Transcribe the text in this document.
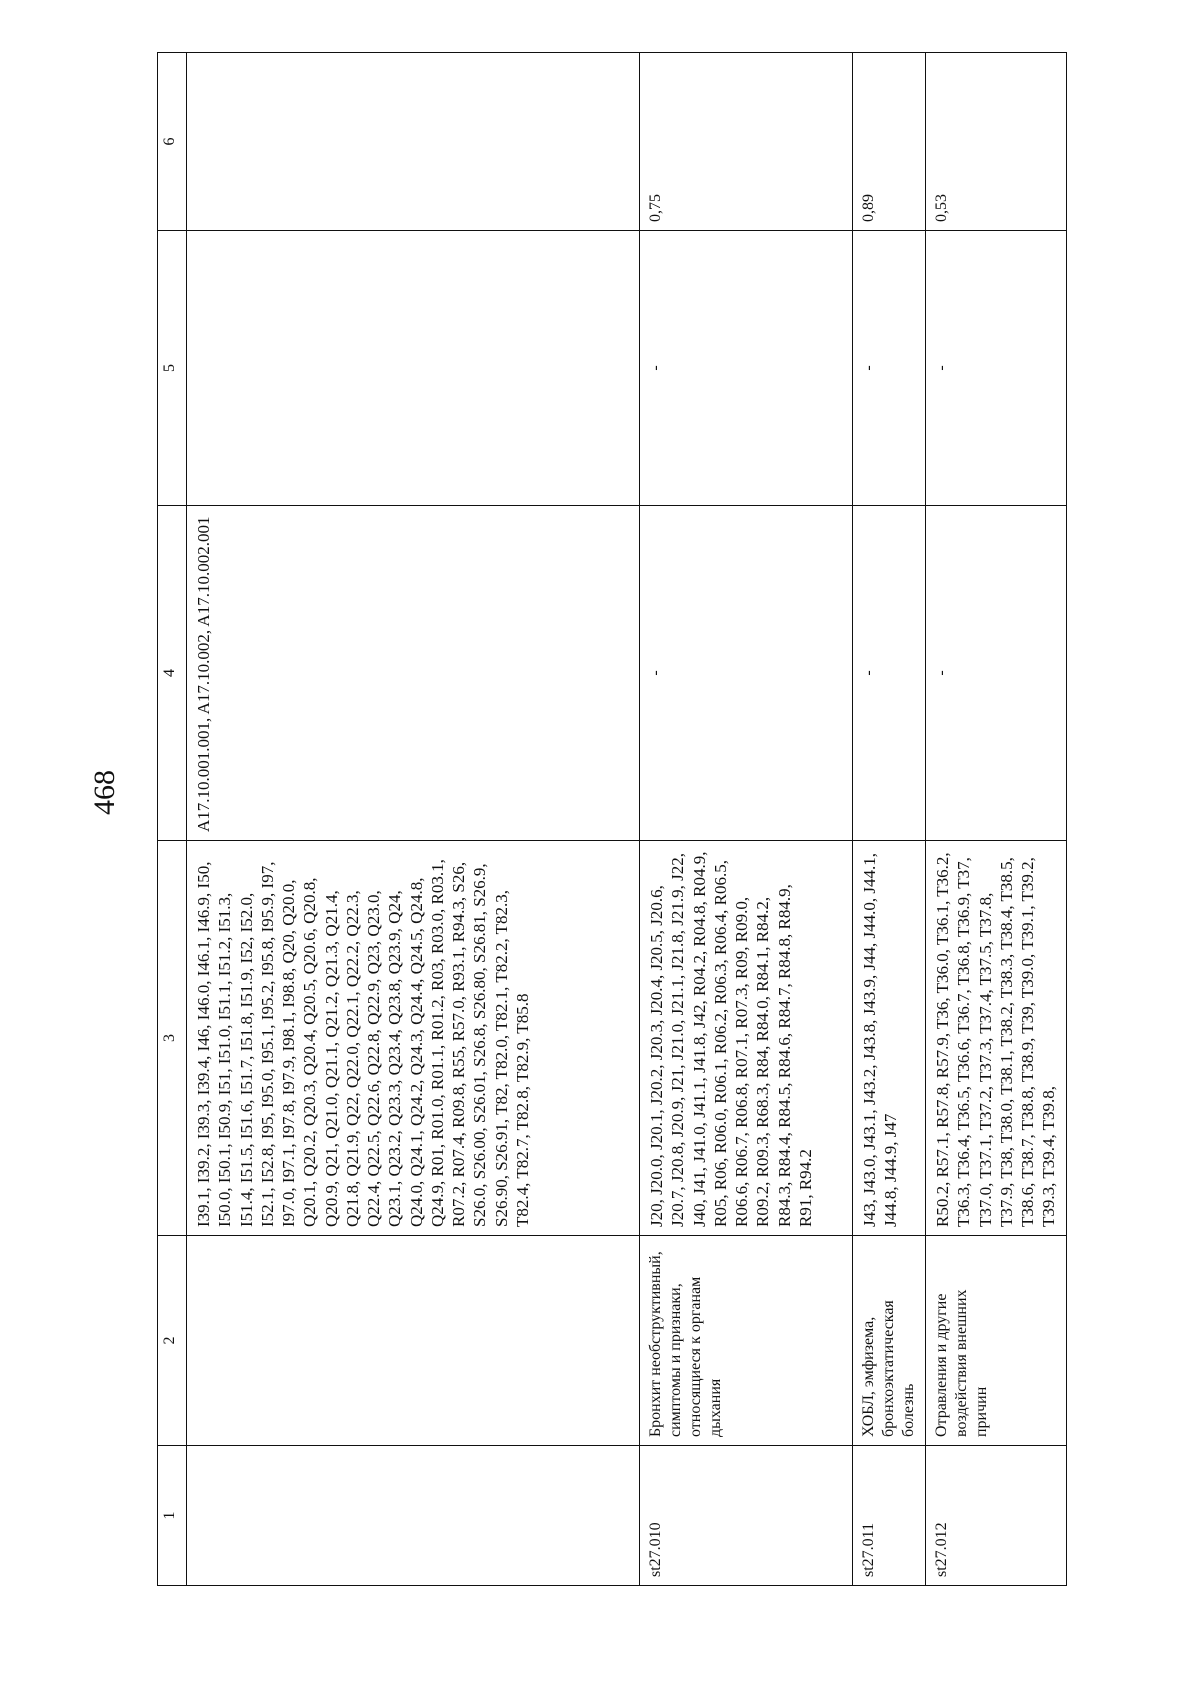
468
1	2	3	4	5	6
		I39.1, I39.2, I39.3, I39.4, I46, I46.0, I46.1, I46.9, I50, I50.0, I50.1, I50.9, I51, I51.0, I51.1, I51.2, I51.3, I51.4, I51.5, I51.6, I51.7, I51.8, I51.9, I52, I52.0, I52.1, I52.8, I95, I95.0, I95.1, I95.2, I95.8, I95.9, I97, I97.0, I97.1, I97.8, I97.9, I98.1, I98.8, Q20, Q20.0, Q20.1, Q20.2, Q20.3, Q20.4, Q20.5, Q20.6, Q20.8, Q20.9, Q21, Q21.0, Q21.1, Q21.2, Q21.3, Q21.4, Q21.8, Q21.9, Q22, Q22.0, Q22.1, Q22.2, Q22.3, Q22.4, Q22.5, Q22.6, Q22.8, Q22.9, Q23, Q23.0, Q23.1, Q23.2, Q23.3, Q23.4, Q23.8, Q23.9, Q24, Q24.0, Q24.1, Q24.2, Q24.3, Q24.4, Q24.5, Q24.8, Q24.9, R01, R01.0, R01.1, R01.2, R03, R03.0, R03.1, R07.2, R07.4, R09.8, R55, R57.0, R93.1, R94.3, S26, S26.0, S26.00, S26.01, S26.8, S26.80, S26.81, S26.9, S26.90, S26.91, T82, T82.0, T82.1, T82.2, T82.3, T82.4, T82.7, T82.8, T82.9, T85.8	A17.10.001.001, A17.10.002, A17.10.002.001		
st27.010	Бронхит необструктивный, симптомы и признаки, относящиеся к органам дыхания	J20, J20.0, J20.1, J20.2, J20.3, J20.4, J20.5, J20.6, J20.7, J20.8, J20.9, J21, J21.0, J21.1, J21.8, J21.9, J22, J40, J41, J41.0, J41.1, J41.8, J42, R04.2, R04.8, R04.9, R05, R06, R06.0, R06.1, R06.2, R06.3, R06.4, R06.5, R06.6, R06.7, R06.8, R07.1, R07.3, R09, R09.0, R09.2, R09.3, R68.3, R84, R84.0, R84.1, R84.2, R84.3, R84.4, R84.5, R84.6, R84.7, R84.8, R84.9, R91, R94.2	-	-	0,75
st27.011	ХОБЛ, эмфизема, бронхоэктатическая болезнь	J43, J43.0, J43.1, J43.2, J43.8, J43.9, J44, J44.0, J44.1, J44.8, J44.9, J47	-	-	0,89
st27.012	Отравления и другие воздействия внешних причин	R50.2, R57.1, R57.8, R57.9, T36, T36.0, T36.1, T36.2, T36.3, T36.4, T36.5, T36.6, T36.7, T36.8, T36.9, T37, T37.0, T37.1, T37.2, T37.3, T37.4, T37.5, T37.8, T37.9, T38, T38.0, T38.1, T38.2, T38.3, T38.4, T38.5, T38.6, T38.7, T38.8, T38.9, T39, T39.0, T39.1, T39.2, T39.3, T39.4, T39.8,	-	-	0,53
